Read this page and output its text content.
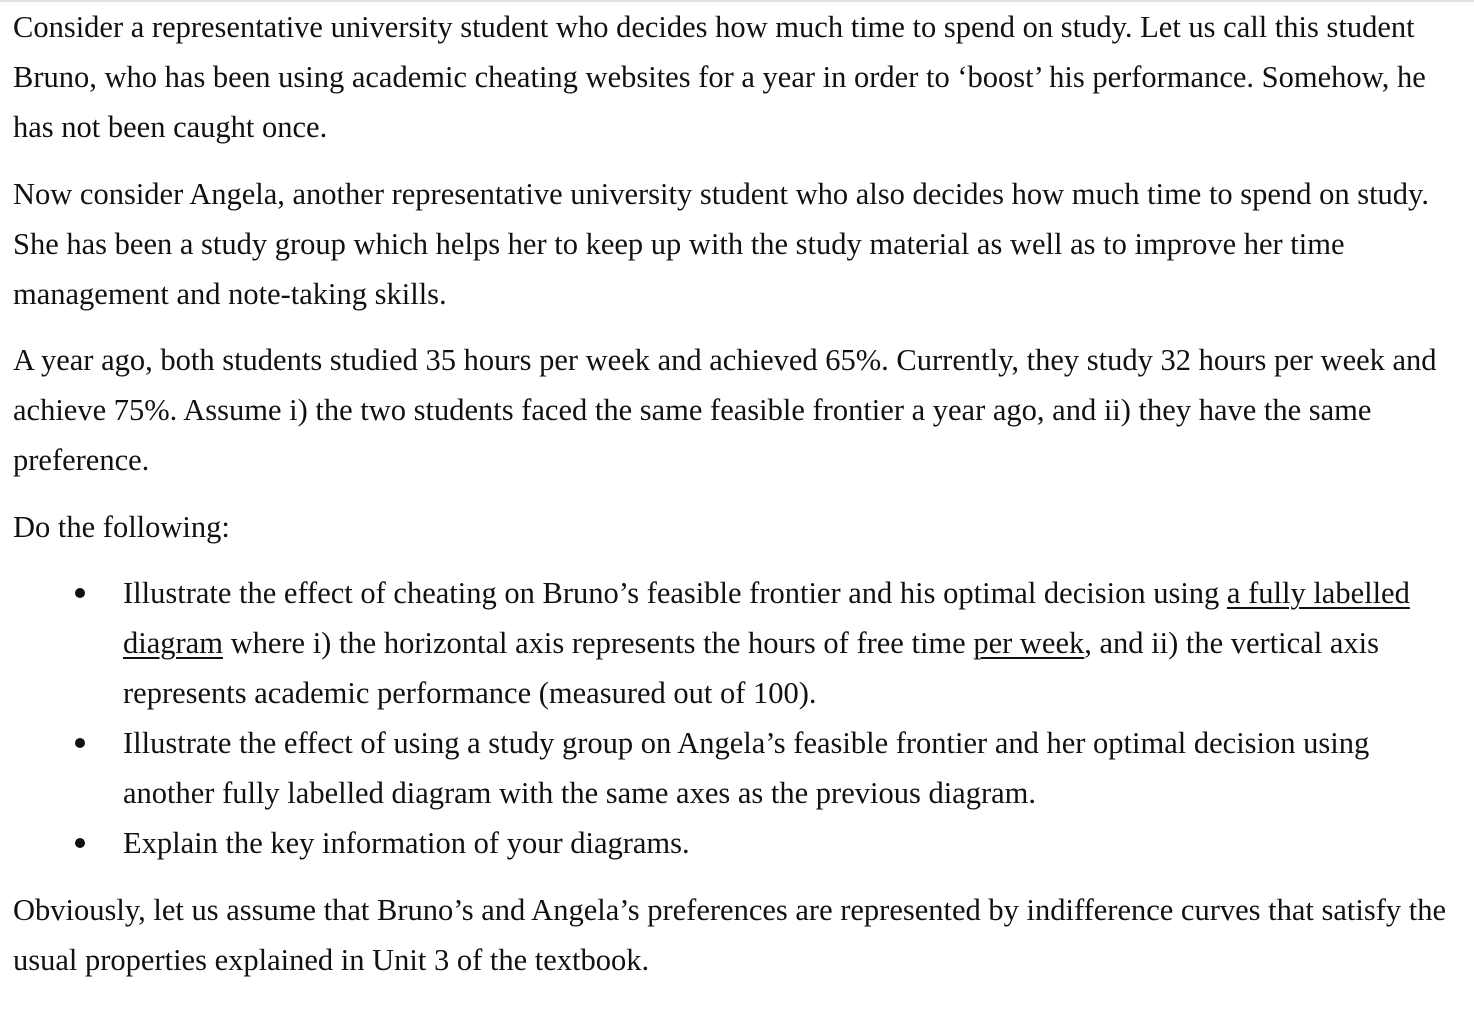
Consider a representative university student who decides how much time to spend on study. Let us call this student Bruno, who has been using academic cheating websites for a year in order to ‘boost’ his performance. Somehow, he has not been caught once.

Now consider Angela, another representative university student who also decides how much time to spend on study. She has been a study group which helps her to keep up with the study material as well as to improve her time management and note-taking skills.

A year ago, both students studied 35 hours per week and achieved 65%. Currently, they study 32 hours per week and achieve 75%. Assume i) the two students faced the same feasible frontier a year ago, and ii) they have the same preference.

Do the following:

Illustrate the effect of cheating on Bruno’s feasible frontier and his optimal decision using a fully labelled diagram where i) the horizontal axis represents the hours of free time per week, and ii) the vertical axis represents academic performance (measured out of 100).
Illustrate the effect of using a study group on Angela’s feasible frontier and her optimal decision using another fully labelled diagram with the same axes as the previous diagram.
Explain the key information of your diagrams.

Obviously, let us assume that Bruno’s and Angela’s preferences are represented by indifference curves that satisfy the usual properties explained in Unit 3 of the textbook.
